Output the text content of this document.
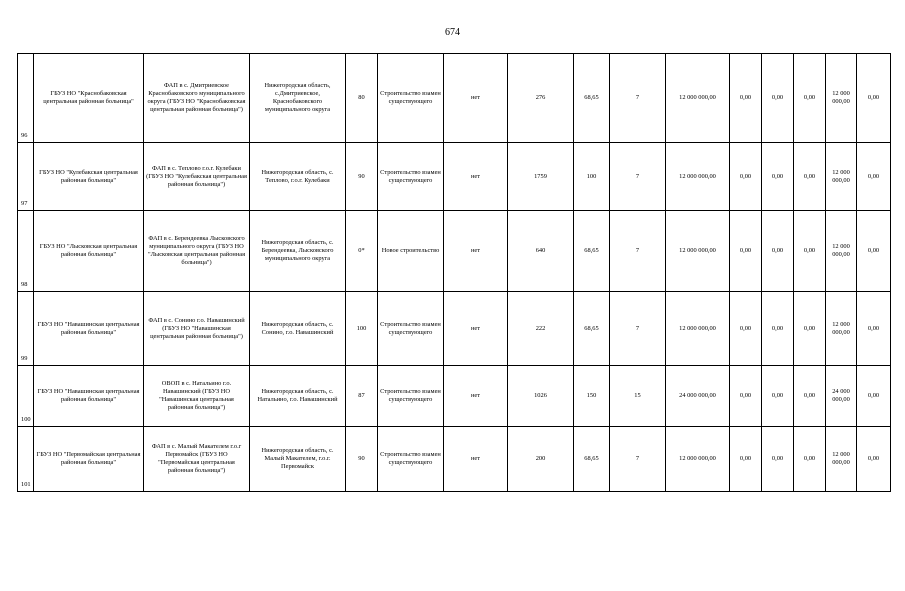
674
96	ГБУЗ НО "Краснобаковская центральная районная больница"	ФАП в с. Дмитриевское Краснобаковского муниципального округа (ГБУЗ НО "Краснобаковская центральная районная больница")	Нижегородская область, с.Дмитриевское, Краснобаковского муниципального округа	80	Строительство взамен существующего	нет	276	68,65	7	12 000 000,00	0,00	0,00	0,00	12 000 000,00	0,00
97	ГБУЗ НО "Кулебакская центральная районная больница"	ФАП в с. Теплово г.о.г. Кулебаки (ГБУЗ НО "Кулебакская центральная районная больница")	Нижегородская область, с. Теплово, г.о.г. Кулебаки	90	Строительство взамен существующего	нет	1759	100	7	12 000 000,00	0,00	0,00	0,00	12 000 000,00	0,00
98	ГБУЗ НО "Лысковская центральная районная больница"	ФАП в с. Берендеевка Лысковского муниципального округа (ГБУЗ НО "Лысковская центральная районная больница")	Нижегородская область, с. Берендеевка, Лысковского муниципального округа	0*	Новое строительство	нет	640	68,65	7	12 000 000,00	0,00	0,00	0,00	12 000 000,00	0,00
99	ГБУЗ НО "Навашинская центральная районная больница"	ФАП в с. Сонино г.о. Навашинский (ГБУЗ НО "Навашинская центральная районная больница")	Нижегородская область, с. Сонино, г.о. Навашинский	100	Строительство взамен существующего	нет	222	68,65	7	12 000 000,00	0,00	0,00	0,00	12 000 000,00	0,00
100	ГБУЗ НО "Навашинская центральная районная больница"	ОВОП в с. Натальино г.о. Навашинский (ГБУЗ НО "Навашинская центральная районная больница")	Нижегородская область, с. Натальино, г.о. Навашинский	87	Строительство взамен существующего	нет	1026	150	15	24 000 000,00	0,00	0,00	0,00	24 000 000,00	0,00
101	ГБУЗ НО "Первомайская центральная районная больница"	ФАП в с. Малый Макателем г.о.г Первомайск (ГБУЗ НО "Первомайская центральная районная больница")	Нижегородская область, с. Малый Макателем, г.о.г. Первомайск	90	Строительство взамен существующего	нет	200	68,65	7	12 000 000,00	0,00	0,00	0,00	12 000 000,00	0,00
